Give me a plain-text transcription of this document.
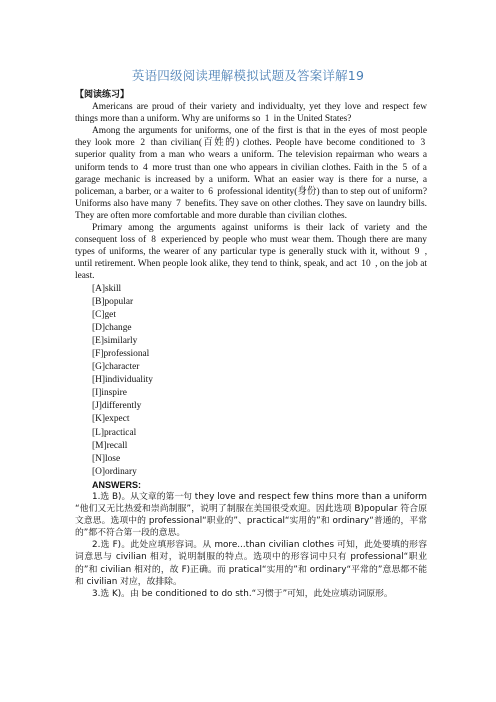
英语四级阅读理解模拟试题及答案详解19
【阅读练习】

Americans are proud of their variety and individualty, yet they love and respect few things more than a uniform. Why are uniforms so 1 in the United States?

Among the arguments for uniforms, one of the first is that in the eyes of most people they look more 2 than civilian(百姓的) clothes. People have become conditioned to 3 superior quality from a man who wears a uniform. The television repairman who wears a uniform tends to 4 more trust than one who appears in civilian clothes. Faith in the 5 of a garage mechanic is increased by a uniform. What an easier way is there for a nurse, a policeman, a barber, or a waiter to 6 professional identity(身份) than to step out of uniform? Uniforms also have many 7 benefits. They save on other clothes. They save on laundry bills. They are often more comfortable and more durable than civilian clothes.

Primary among the arguments against uniforms is their lack of variety and the consequent loss of 8 experienced by people who must wear them. Though there are many types of uniforms, the wearer of any particular type is generally stuck with it, without 9 , until retirement. When people look alike, they tend to think, speak, and act 10 , on the job at least.

[A]skill
[B]popular
[C]get
[D]change
[E]similarly
[F]professional
[G]character
[H]individuality
[I]inspire
[J]differently
[K]expect
[L]practical
[M]recall
[N]lose
[O]ordinary
ANSWERS:

1.选 B)。从文章的第一句 they love and respect few thins more than a uniform “他们又无比热爱和崇尚制服”，说明了制服在美国很受欢迎。因此选项 B)popular 符合原文意思。选项中的 professional“职业的”、practical“实用的”和 ordinary“普通的，平常的”都不符合第一段的意思。

2.选 F)。此处应填形容词。从 more...than civilian clothes 可知，此处要填的形容词意思与 civilian 相对，说明制服的特点。选项中的形容词中只有 professional“职业的”和 civilian 相对的，故 F)正确。而 pratical“实用的”和 ordinary“平常的”意思都不能和 civilian 对应，故排除。

3.选 K)。由 be conditioned to do sth.“习惯于”可知，此处应填动词原形。
